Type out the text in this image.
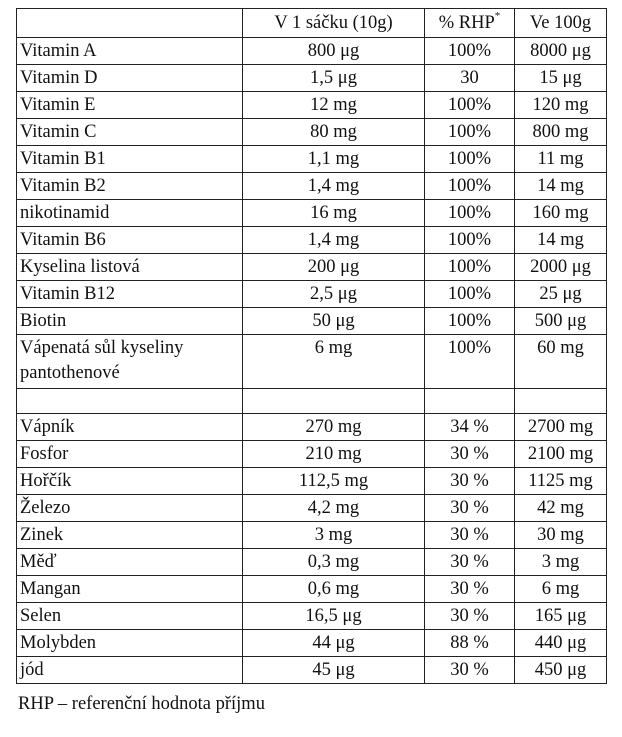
	V 1 sáčku (10g)	% RHP*	Ve 100g
Vitamin A	800 μg	100%	8000 μg
Vitamin D	1,5 μg	30	15 μg
Vitamin E	12 mg	100%	120 mg
Vitamin C	80 mg	100%	800 mg
Vitamin B1	1,1 mg	100%	11 mg
Vitamin B2	1,4 mg	100%	14 mg
nikotinamid	16 mg	100%	160 mg
Vitamin B6	1,4 mg	100%	14 mg
Kyselina listová	200 μg	100%	2000 μg
Vitamin B12	2,5 μg	100%	25 μg
Biotin	50 μg	100%	500 μg
Vápenatá sůl kyseliny pantothenové	6 mg	100%	60 mg

Vápník	270 mg	34 %	2700 mg
Fosfor	210 mg	30 %	2100 mg
Hořčík	112,5 mg	30 %	1125 mg
Železo	4,2 mg	30 %	42 mg
Zinek	3 mg	30 %	30 mg
Měď	0,3 mg	30 %	3 mg
Mangan	0,6 mg	30 %	6 mg
Selen	16,5 μg	30 %	165 μg
Molybden	44 μg	88 %	440 μg
jód	45 μg	30 %	450 μg
RHP – referenční hodnota příjmu
